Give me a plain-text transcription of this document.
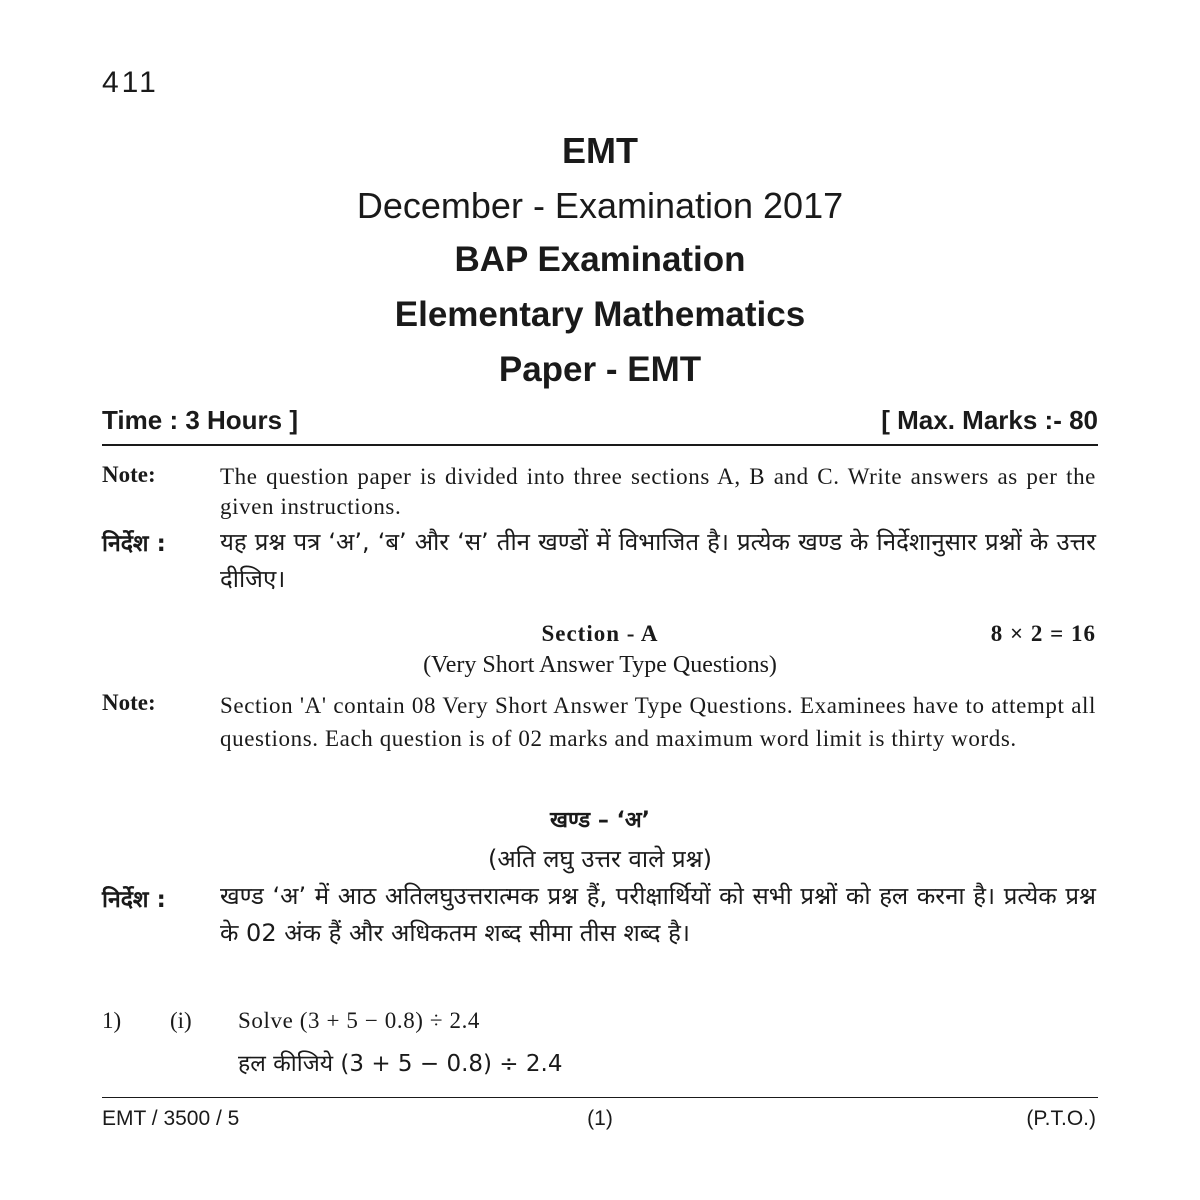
411
EMT
December - Examination 2017
BAP Examination
Elementary Mathematics
Paper - EMT
Time : 3 Hours ]	[ Max. Marks :- 80
Note:	The question paper is divided into three sections A, B and C. Write answers as per the given instructions.
निर्देश : यह प्रश्न पत्र ‘अ’, ‘ब’ और ‘स’ तीन खण्डों में विभाजित है। प्रत्येक खण्ड के निर्देशानुसार प्रश्नों के उत्तर दीजिए।
Section - A	8 × 2 = 16
(Very Short Answer Type Questions)
Note:	Section 'A' contain 08 Very Short Answer Type Questions. Examinees have to attempt all questions. Each question is of 02 marks and maximum word limit is thirty words.
खण्ड – ‘अ’
(अति लघु उत्तर वाले प्रश्न)
निर्देश : खण्ड ‘अ’ में आठ अतिलघुउत्तरात्मक प्रश्न हैं, परीक्षार्थियों को सभी प्रश्नों को हल करना है। प्रत्येक प्रश्न के 02 अंक हैं और अधिकतम शब्द सीमा तीस शब्द है।
1) (i) Solve (3 + 5 − 0.8) ÷ 2.4
हल कीजिये (3 + 5 − 0.8) ÷ 2.4
EMT / 3500 / 5	(1)	(P.T.O.)
